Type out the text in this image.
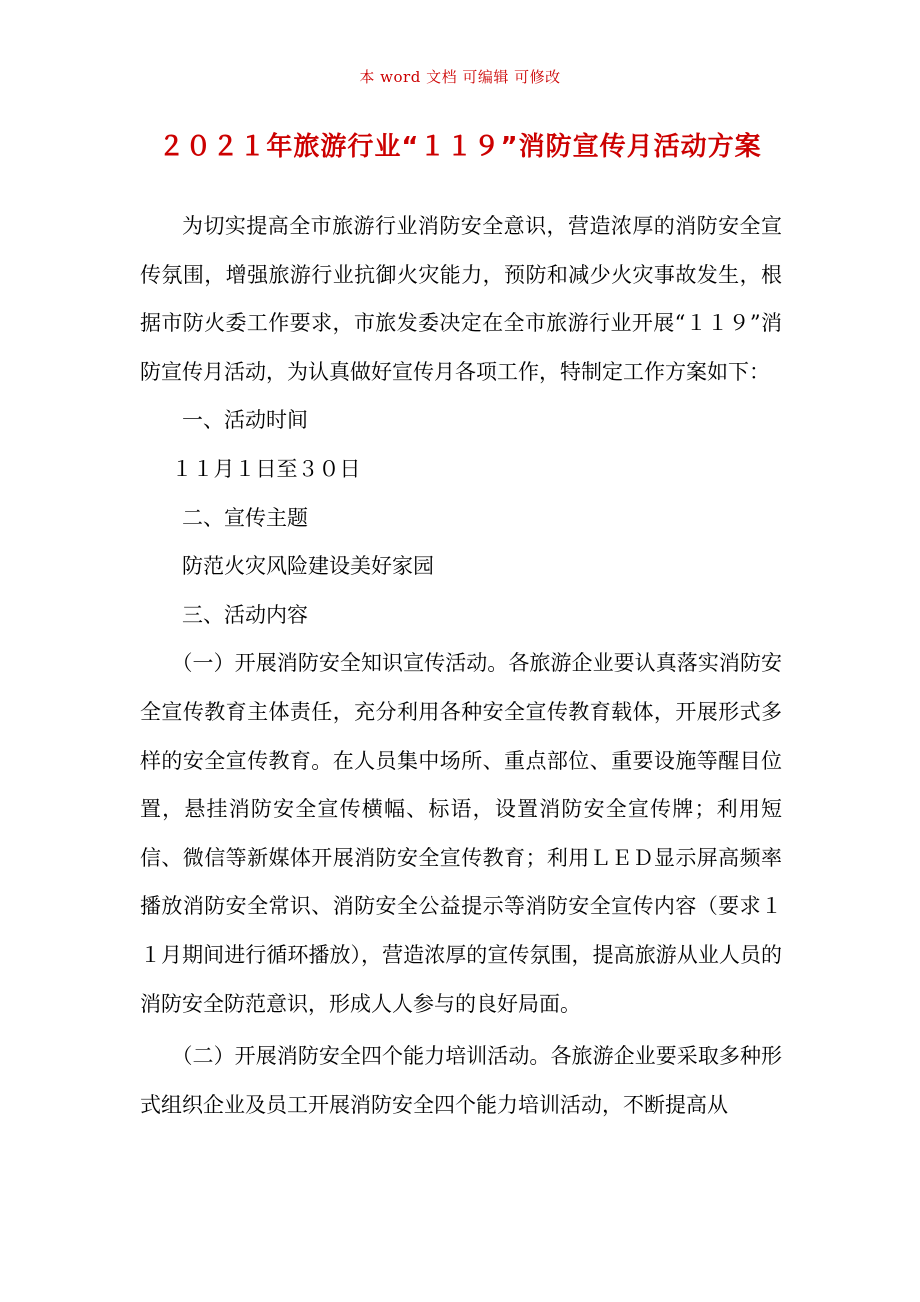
本 word 文档 可编辑 可修改
２０２１年旅游行业“１１９”消防宣传月活动方案

为切实提高全市旅游行业消防安全意识，营造浓厚的消防安全宣传氛围，增强旅游行业抗御火灾能力，预防和减少火灾事故发生，根据市防火委工作要求，市旅发委决定在全市旅游行业开展“１１９”消防宣传月活动，为认真做好宣传月各项工作，特制定工作方案如下：

一、活动时间

１１月１日至３０日

二、宣传主题

防范火灾风险建设美好家园

三、活动内容

（一）开展消防安全知识宣传活动。各旅游企业要认真落实消防安全宣传教育主体责任，充分利用各种安全宣传教育载体，开展形式多样的安全宣传教育。在人员集中场所、重点部位、重要设施等醒目位置，悬挂消防安全宣传横幅、标语，设置消防安全宣传牌；利用短信、微信等新媒体开展消防安全宣传教育；利用ＬＥＤ显示屏高频率播放消防安全常识、消防安全公益提示等消防安全宣传内容（要求１１月期间进行循环播放），营造浓厚的宣传氛围，提高旅游从业人员的消防安全防范意识，形成人人参与的良好局面。

（二）开展消防安全四个能力培训活动。各旅游企业要采取多种形式组织企业及员工开展消防安全四个能力培训活动，不断提高从
